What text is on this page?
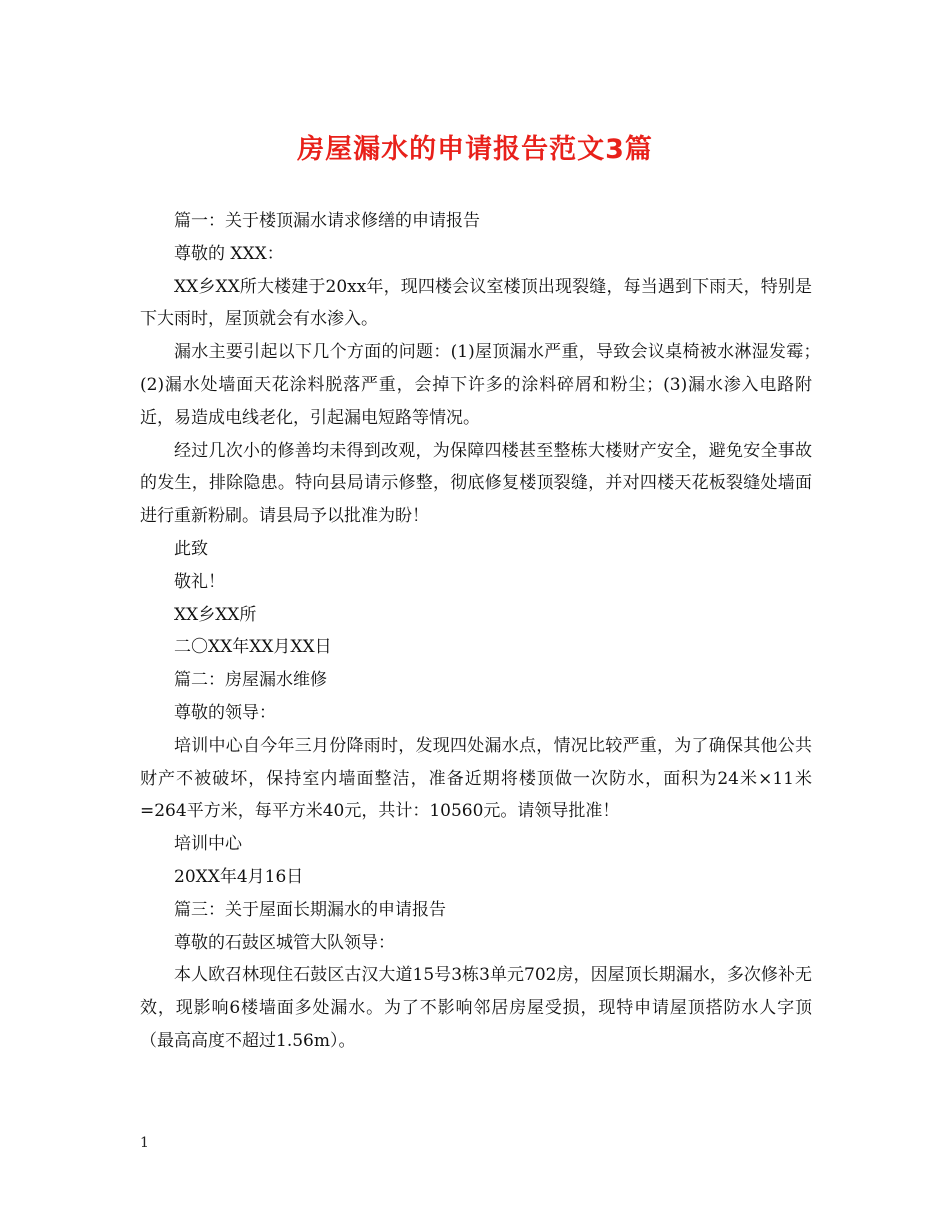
房屋漏水的申请报告范文3篇

篇一：关于楼顶漏水请求修缮的申请报告

尊敬的 XXX：

XX乡XX所大楼建于20xx年，现四楼会议室楼顶出现裂缝，每当遇到下雨天，特别是下大雨时，屋顶就会有水渗入。

漏水主要引起以下几个方面的问题：(1)屋顶漏水严重，导致会议桌椅被水淋湿发霉；　(2)漏水处墙面天花涂料脱落严重，会掉下许多的涂料碎屑和粉尘；(3)漏水渗入电路附近，易造成电线老化，引起漏电短路等情况。

经过几次小的修善均未得到改观，为保障四楼甚至整栋大楼财产安全，避免安全事故的发生，排除隐患。特向县局请示修整，彻底修复楼顶裂缝，并对四楼天花板裂缝处墙面进行重新粉刷。请县局予以批准为盼！

此致

敬礼！

XX乡XX所

二〇XX年XX月XX日

篇二：房屋漏水维修

尊敬的领导：

培训中心自今年三月份降雨时，发现四处漏水点，情况比较严重，为了确保其他公共财产不被破坏，保持室内墙面整洁，准备近期将楼顶做一次防水，面积为24米×11米=264平方米，每平方米40元，共计：10560元。请领导批准！

培训中心

20XX年4月16日

篇三：关于屋面长期漏水的申请报告

尊敬的石鼓区城管大队领导：

本人欧召林现住石鼓区古汉大道15号3栋3单元702房，因屋顶长期漏水，多次修补无效，现影响6楼墙面多处漏水。为了不影响邻居房屋受损，现特申请屋顶搭防水人字顶（最高高度不超过1.56m）。

1
